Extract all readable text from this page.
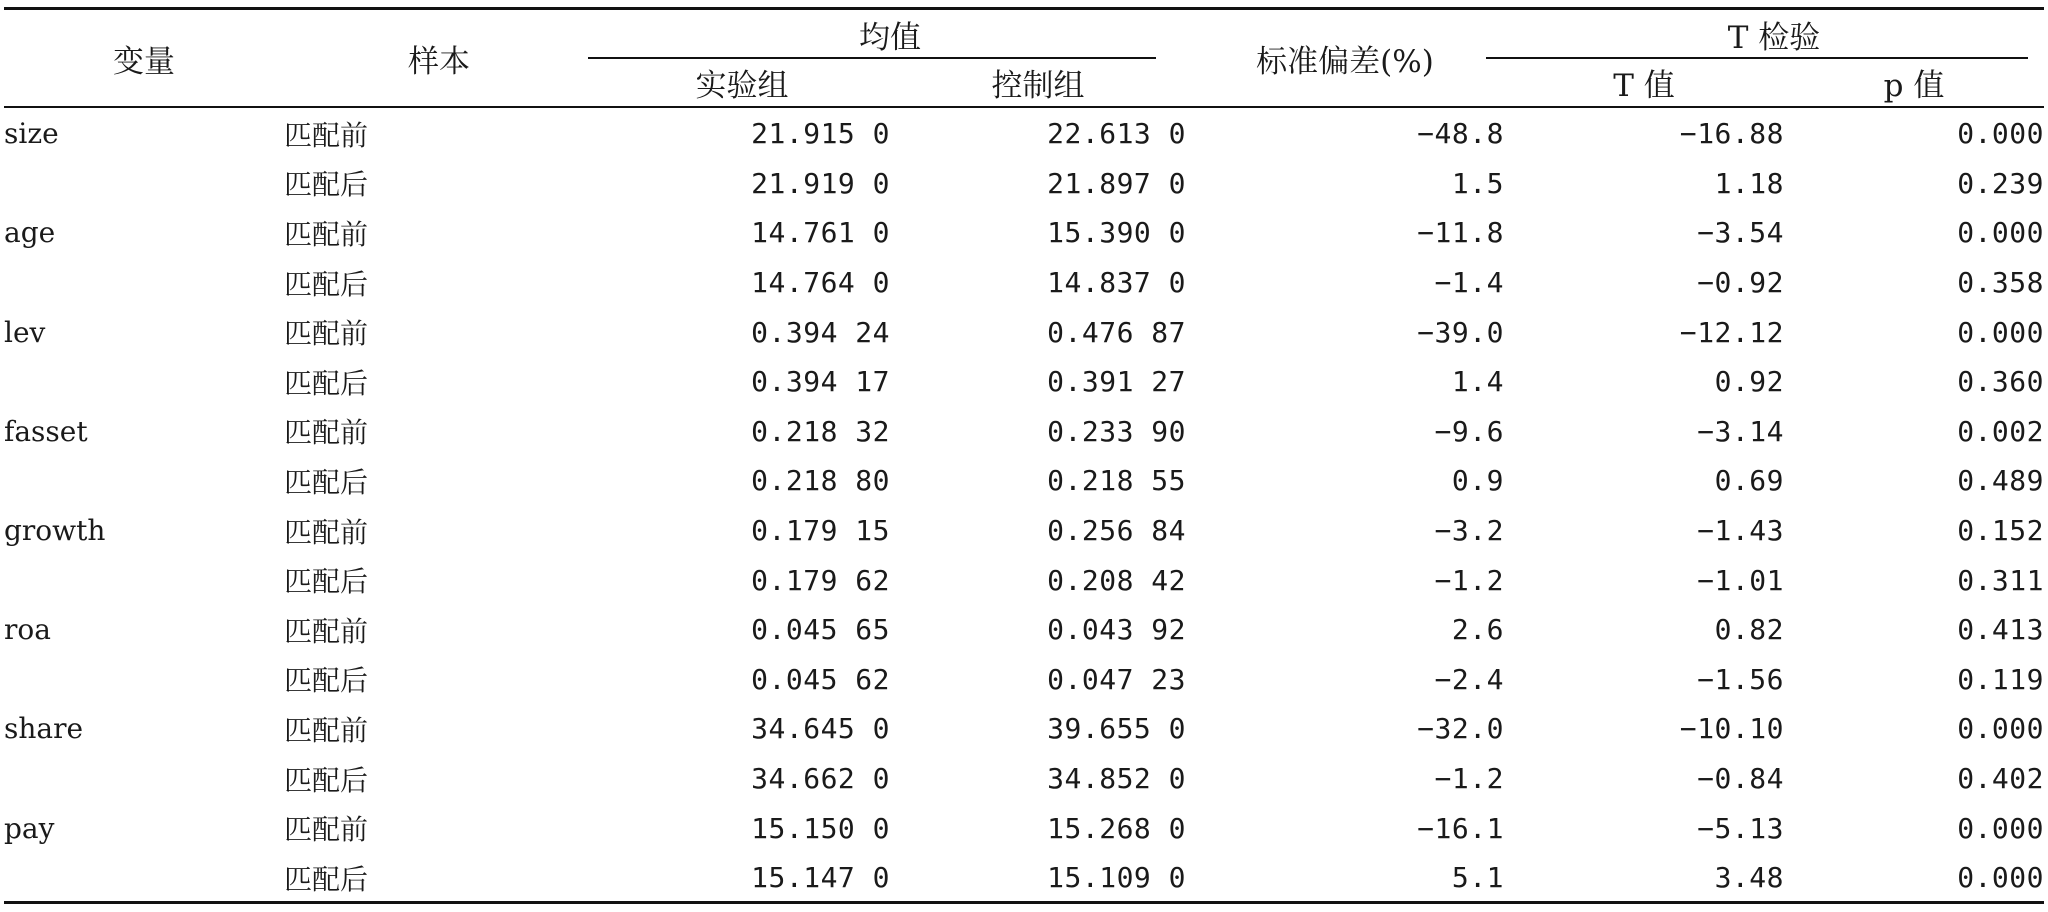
变量	样本	均值		标准偏差(%)	T 检验	
		实验组	控制组		T 值	p 值
size	匹配前	21.915 0	22.613 0	−48.8	−16.88	0.000
	匹配后	21.919 0	21.897 0	1.5	1.18	0.239
age	匹配前	14.761 0	15.390 0	−11.8	−3.54	0.000
	匹配后	14.764 0	14.837 0	−1.4	−0.92	0.358
lev	匹配前	0.394 24	0.476 87	−39.0	−12.12	0.000
	匹配后	0.394 17	0.391 27	1.4	0.92	0.360
fasset	匹配前	0.218 32	0.233 90	−9.6	−3.14	0.002
	匹配后	0.218 80	0.218 55	0.9	0.69	0.489
growth	匹配前	0.179 15	0.256 84	−3.2	−1.43	0.152
	匹配后	0.179 62	0.208 42	−1.2	−1.01	0.311
roa	匹配前	0.045 65	0.043 92	2.6	0.82	0.413
	匹配后	0.045 62	0.047 23	−2.4	−1.56	0.119
share	匹配前	34.645 0	39.655 0	−32.0	−10.10	0.000
	匹配后	34.662 0	34.852 0	−1.2	−0.84	0.402
pay	匹配前	15.150 0	15.268 0	−16.1	−5.13	0.000
	匹配后	15.147 0	15.109 0	5.1	3.48	0.000
